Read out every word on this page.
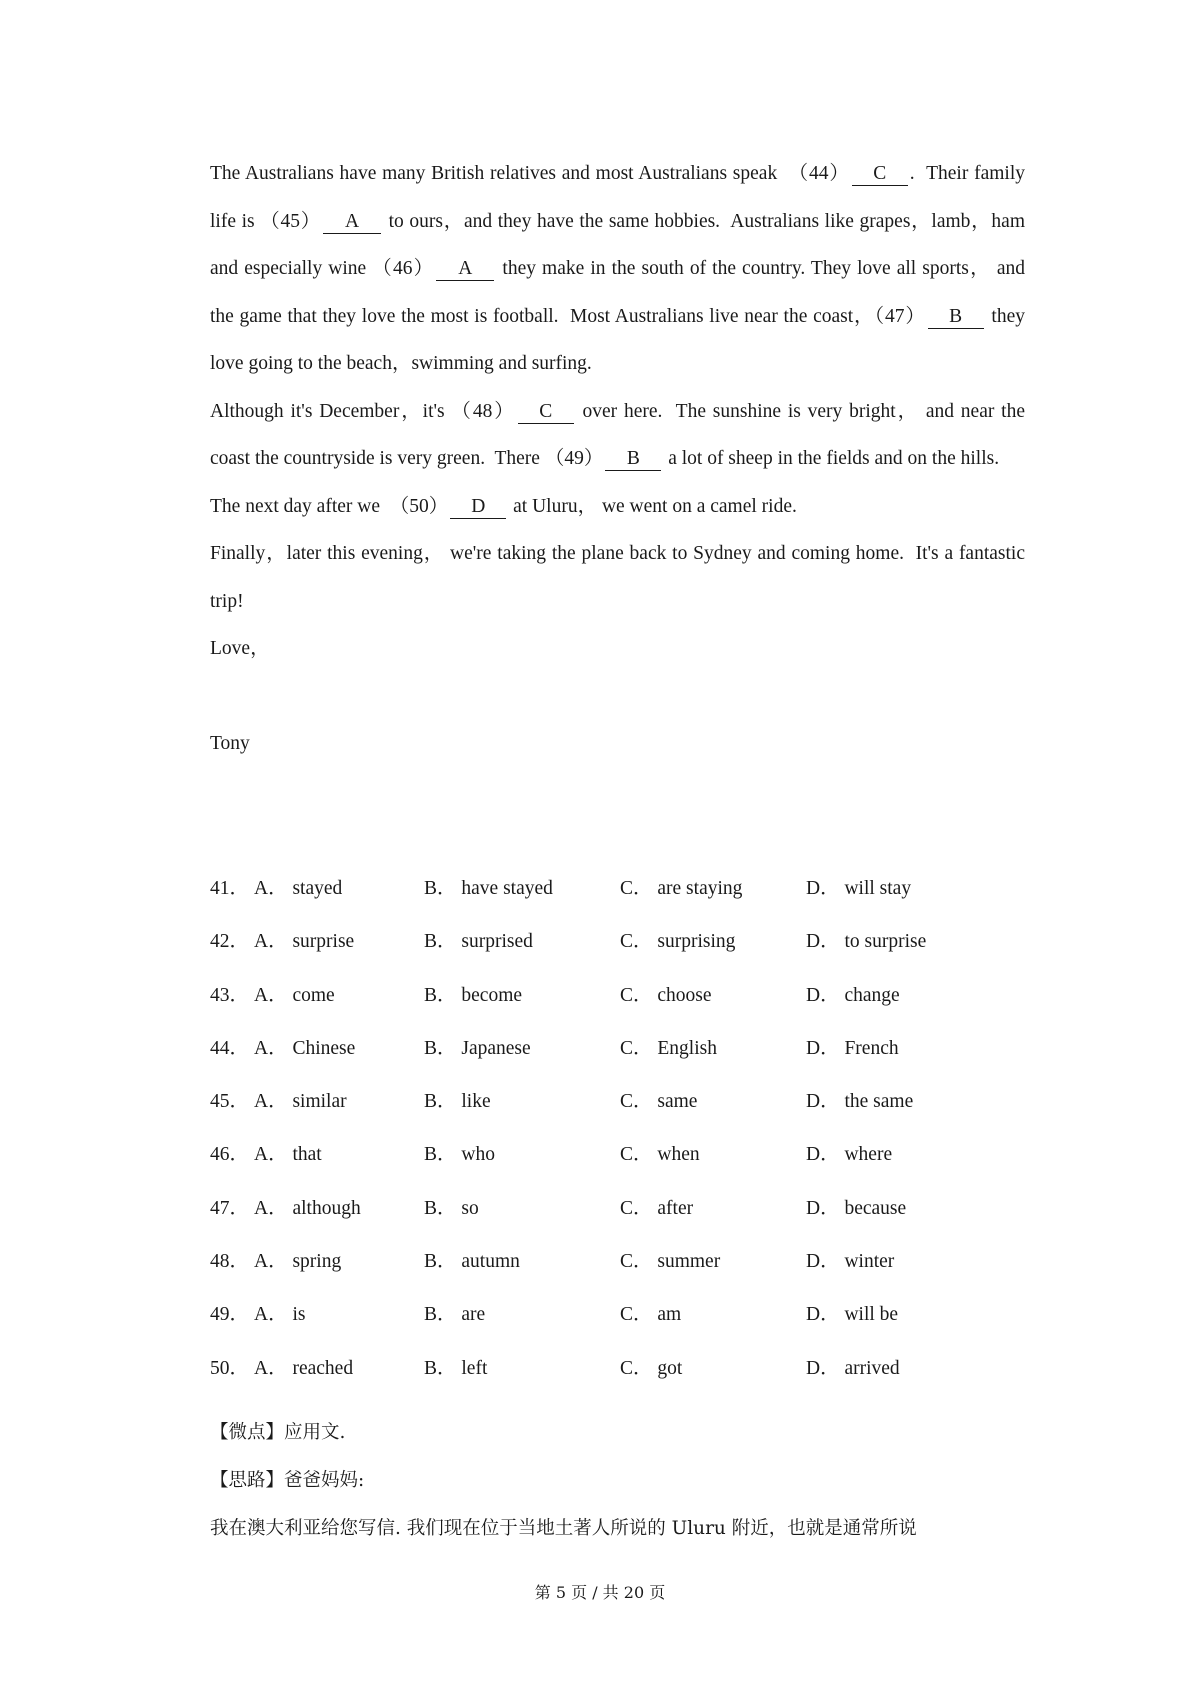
The Australians have many British relatives and most Australians speak  （44） C .  Their family life is （45） A to ours，and they have the same hobbies.  Australians like grapes，lamb，ham and especially wine （46） A they make in the south of the country. They love all sports， and the game that they love the most is football.  Most Australians live near the coast，（47） B they love going to the beach，swimming and surfing.

Although it's December，it's （48） C over here.  The sunshine is very bright， and near the coast the countryside is very green.  There （49） B a lot of sheep in the fields and on the hills.

The next day after we  （50） D at Uluru， we went on a camel ride.

Finally，later this evening， we're taking the plane back to Sydney and coming home.  It's a fantastic trip!

Love，

Tony

41． A． stayed	B． have stayed	C． are staying	D． will stay
42． A． surprise	B． surprised	C． surprising	D． to surprise
43． A． come	B． become	C． choose	D． change
44． A． Chinese	B． Japanese	C． English	D． French
45． A． similar	B． like	C． same	D． the same
46． A． that	B． who	C． when	D． where
47． A． although	B． so	C． after	D． because
48． A． spring	B． autumn	C． summer	D． winter
49． A． is	B． are	C． am	D． will be
50． A． reached	B． left	C． got	D． arrived
【微点】应用文.
【思路】爸爸妈妈:
我在澳大利亚给您写信. 我们现在位于当地土著人所说的 Uluru 附近，也就是通常所说
第 5 页 / 共 20 页
